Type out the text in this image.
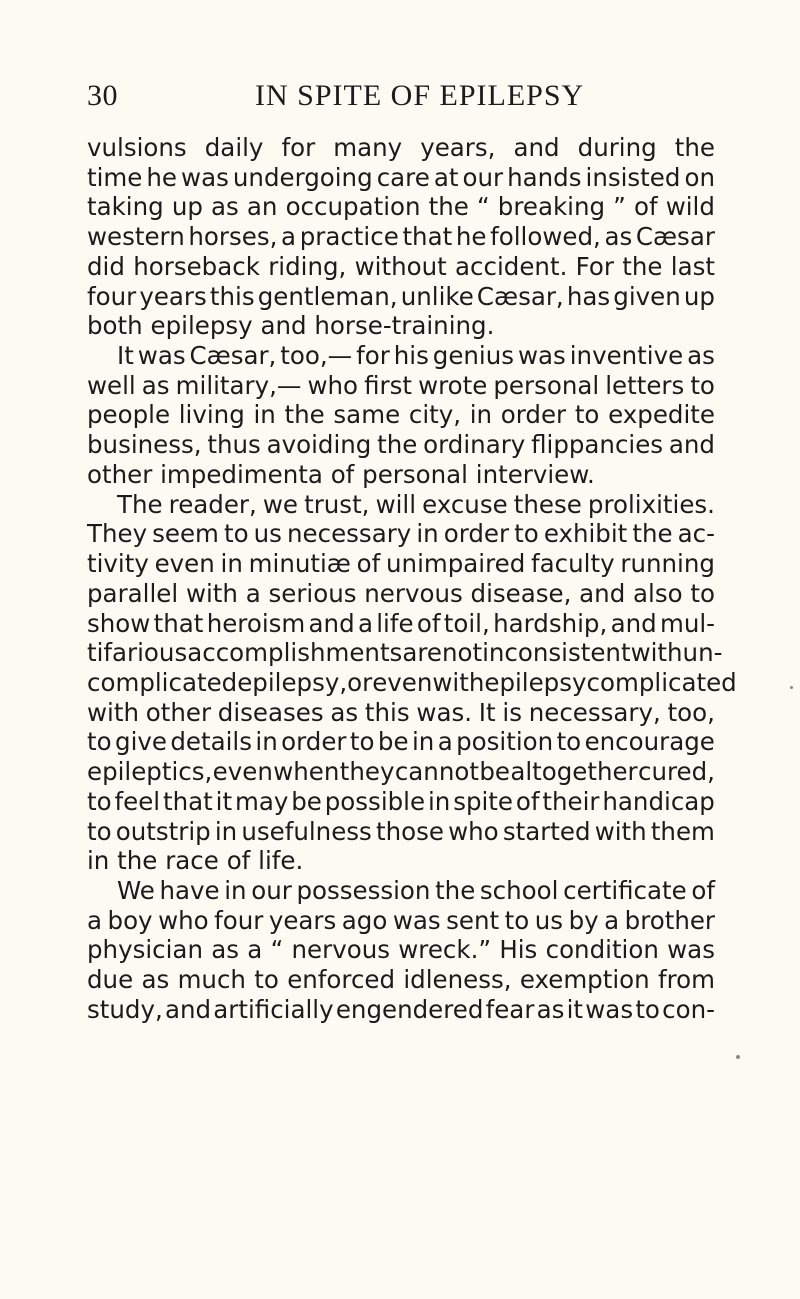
30	IN SPITE OF EPILEPSY
vulsions daily for many years, and during the
time he was undergoing care at our hands insisted on
taking up as an occupation the “ breaking ” of wild
western horses, a practice that he followed, as Cæsar
did horseback riding, without accident. For the last
four years this gentleman, unlike Cæsar, has given up
both epilepsy and horse-training.
It was Cæsar, too,— for his genius was inventive as
well as military,— who first wrote personal letters to
people living in the same city, in order to expedite
business, thus avoiding the ordinary flippancies and
other impedimenta of personal interview.
The reader, we trust, will excuse these prolixities.
They seem to us necessary in order to exhibit the ac-
tivity even in minutiæ of unimpaired faculty running
parallel with a serious nervous disease, and also to
show that heroism and a life of toil, hardship, and mul-
tifarious accomplishments are not inconsistent with un-
complicated epilepsy, or even with epilepsy complicated
with other diseases as this was. It is necessary, too,
to give details in order to be in a position to encourage
epileptics, even when they cannot be altogether cured,
to feel that it may be possible in spite of their handicap
to outstrip in usefulness those who started with them
in the race of life.
We have in our possession the school certificate of
a boy who four years ago was sent to us by a brother
physician as a “ nervous wreck.” His condition was
due as much to enforced idleness, exemption from
study, and artificially engendered fear as it was to con-
